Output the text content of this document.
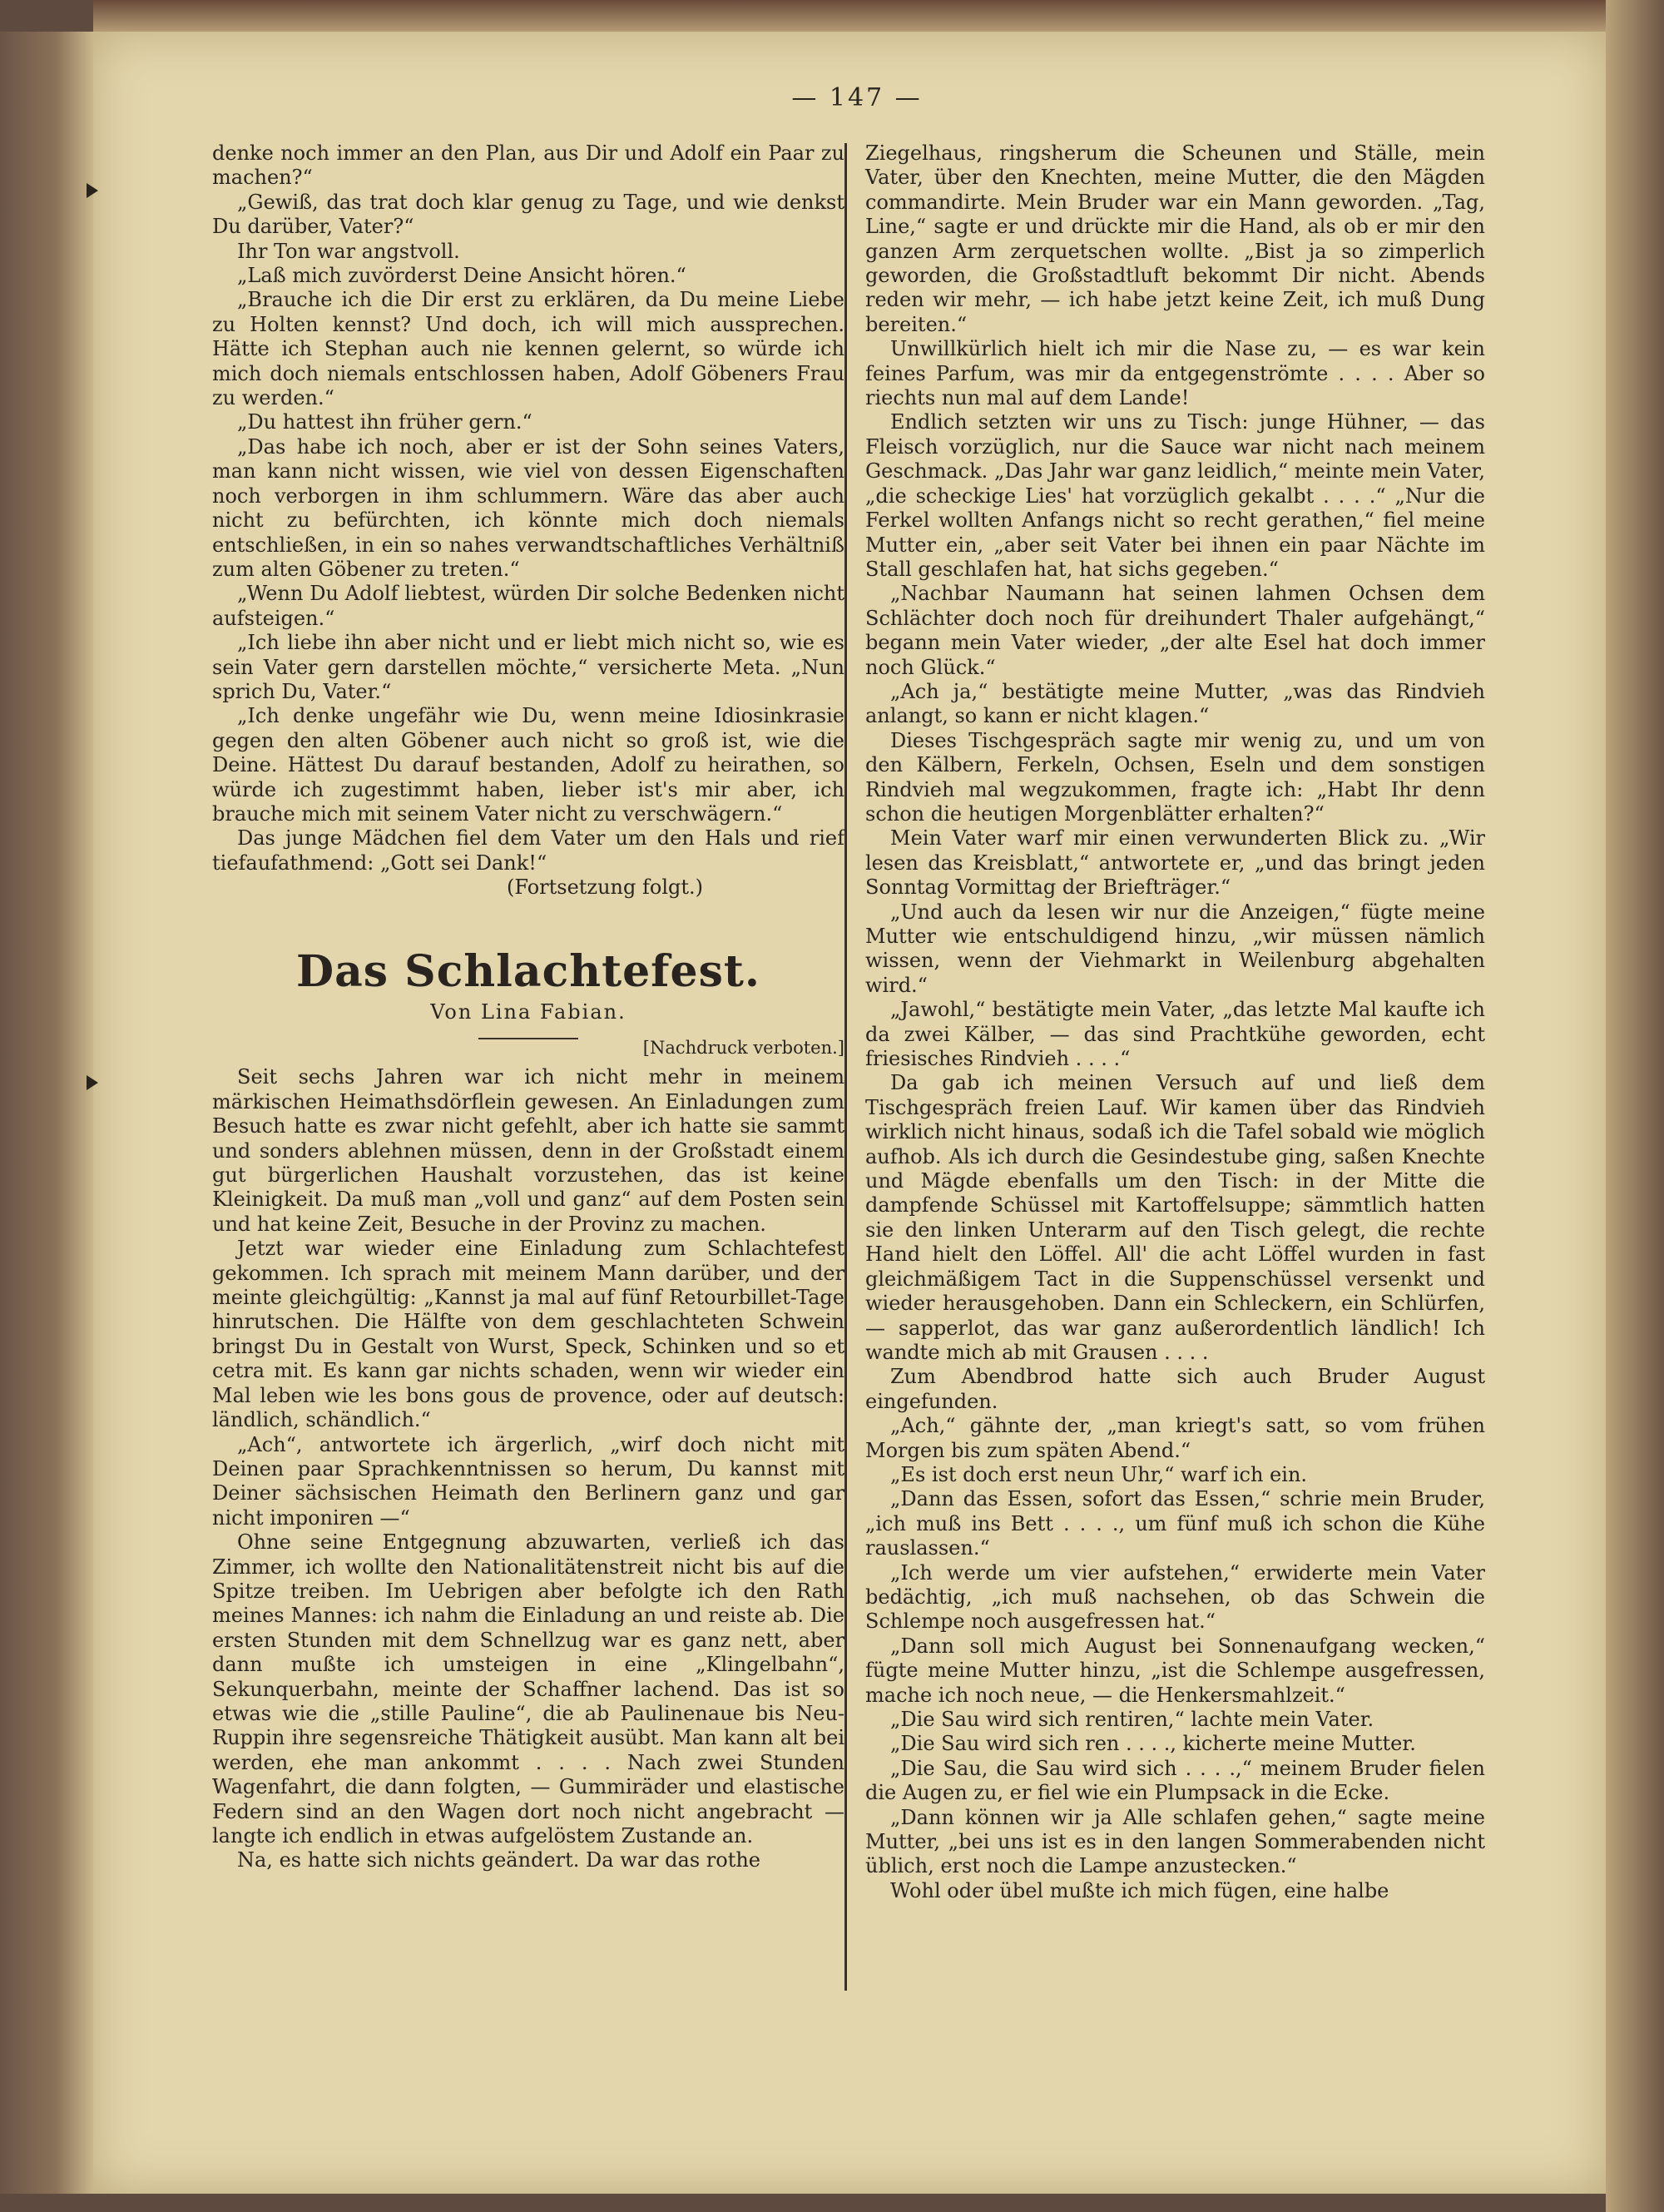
— 147 —

denke noch immer an den Plan, aus Dir und Adolf ein Paar zu machen?“

„Gewiß, das trat doch klar genug zu Tage, und wie denkst Du darüber, Vater?“

Ihr Ton war angstvoll.

„Laß mich zuvörderst Deine Ansicht hören.“

„Brauche ich die Dir erst zu erklären, da Du meine Liebe zu Holten kennst? Und doch, ich will mich aussprechen. Hätte ich Stephan auch nie kennen gelernt, so würde ich mich doch niemals entschlossen haben, Adolf Göbeners Frau zu werden.“

„Du hattest ihn früher gern.“

„Das habe ich noch, aber er ist der Sohn seines Vaters, man kann nicht wissen, wie viel von dessen Eigenschaften noch verborgen in ihm schlummern. Wäre das aber auch nicht zu befürchten, ich könnte mich doch niemals entschließen, in ein so nahes verwandtschaftliches Verhältniß zum alten Göbener zu treten.“

„Wenn Du Adolf liebtest, würden Dir solche Bedenken nicht aufsteigen.“

„Ich liebe ihn aber nicht und er liebt mich nicht so, wie es sein Vater gern darstellen möchte,“ versicherte Meta. „Nun sprich Du, Vater.“

„Ich denke ungefähr wie Du, wenn meine Idiosinkrasie gegen den alten Göbener auch nicht so groß ist, wie die Deine. Hättest Du darauf bestanden, Adolf zu heirathen, so würde ich zugestimmt haben, lieber ist's mir aber, ich brauche mich mit seinem Vater nicht zu verschwägern.“

Das junge Mädchen fiel dem Vater um den Hals und rief tiefaufathmend: „Gott sei Dank!“

(Fortsetzung folgt.)

Das Schlachtefest.
Von Lina Fabian.
[Nachdruck verboten.]

Seit sechs Jahren war ich nicht mehr in meinem märkischen Heimathsdörflein gewesen. An Einladungen zum Besuch hatte es zwar nicht gefehlt, aber ich hatte sie sammt und sonders ablehnen müssen, denn in der Großstadt einem gut bürgerlichen Haushalt vorzustehen, das ist keine Kleinigkeit. Da muß man „voll und ganz“ auf dem Posten sein und hat keine Zeit, Besuche in der Provinz zu machen.

Jetzt war wieder eine Einladung zum Schlachtefest gekommen. Ich sprach mit meinem Mann darüber, und der meinte gleichgültig: „Kannst ja mal auf fünf Retourbillet-Tage hinrutschen. Die Hälfte von dem geschlachteten Schwein bringst Du in Gestalt von Wurst, Speck, Schinken und so et cetra mit. Es kann gar nichts schaden, wenn wir wieder ein Mal leben wie les bons gous de provence, oder auf deutsch: ländlich, schändlich.“

„Ach“, antwortete ich ärgerlich, „wirf doch nicht mit Deinen paar Sprachkenntnissen so herum, Du kannst mit Deiner sächsischen Heimath den Berlinern ganz und gar nicht imponiren —“

Ohne seine Entgegnung abzuwarten, verließ ich das Zimmer, ich wollte den Nationalitätenstreit nicht bis auf die Spitze treiben. Im Uebrigen aber befolgte ich den Rath meines Mannes: ich nahm die Einladung an und reiste ab. Die ersten Stunden mit dem Schnellzug war es ganz nett, aber dann mußte ich umsteigen in eine „Klingelbahn“, Sekunquerbahn, meinte der Schaffner lachend. Das ist so etwas wie die „stille Pauline“, die ab Paulinenaue bis Neu-Ruppin ihre segensreiche Thätigkeit ausübt. Man kann alt bei werden, ehe man ankommt . . . . Nach zwei Stunden Wagenfahrt, die dann folgten, — Gummiräder und elastische Federn sind an den Wagen dort noch nicht angebracht — langte ich endlich in etwas aufgelöstem Zustande an.

Na, es hatte sich nichts geändert. Da war das rothe

Ziegelhaus, ringsherum die Scheunen und Ställe, mein Vater, über den Knechten, meine Mutter, die den Mägden commandirte. Mein Bruder war ein Mann geworden. „Tag, Line,“ sagte er und drückte mir die Hand, als ob er mir den ganzen Arm zerquetschen wollte. „Bist ja so zimperlich geworden, die Großstadtluft bekommt Dir nicht. Abends reden wir mehr, — ich habe jetzt keine Zeit, ich muß Dung bereiten.“

Unwillkürlich hielt ich mir die Nase zu, — es war kein feines Parfum, was mir da entgegenströmte . . . . Aber so riechts nun mal auf dem Lande!

Endlich setzten wir uns zu Tisch: junge Hühner, — das Fleisch vorzüglich, nur die Sauce war nicht nach meinem Geschmack. „Das Jahr war ganz leidlich,“ meinte mein Vater, „die scheckige Lies' hat vorzüglich gekalbt . . . .“ „Nur die Ferkel wollten Anfangs nicht so recht gerathen,“ fiel meine Mutter ein, „aber seit Vater bei ihnen ein paar Nächte im Stall geschlafen hat, hat sichs gegeben.“

„Nachbar Naumann hat seinen lahmen Ochsen dem Schlächter doch noch für dreihundert Thaler aufgehängt,“ begann mein Vater wieder, „der alte Esel hat doch immer noch Glück.“

„Ach ja,“ bestätigte meine Mutter, „was das Rindvieh anlangt, so kann er nicht klagen.“

Dieses Tischgespräch sagte mir wenig zu, und um von den Kälbern, Ferkeln, Ochsen, Eseln und dem sonstigen Rindvieh mal wegzukommen, fragte ich: „Habt Ihr denn schon die heutigen Morgenblätter erhalten?“

Mein Vater warf mir einen verwunderten Blick zu. „Wir lesen das Kreisblatt,“ antwortete er, „und das bringt jeden Sonntag Vormittag der Briefträger.“

„Und auch da lesen wir nur die Anzeigen,“ fügte meine Mutter wie entschuldigend hinzu, „wir müssen nämlich wissen, wenn der Viehmarkt in Weilenburg abgehalten wird.“

„Jawohl,“ bestätigte mein Vater, „das letzte Mal kaufte ich da zwei Kälber, — das sind Prachtkühe geworden, echt friesisches Rindvieh . . . .“

Da gab ich meinen Versuch auf und ließ dem Tischgespräch freien Lauf. Wir kamen über das Rindvieh wirklich nicht hinaus, sodaß ich die Tafel sobald wie möglich aufhob. Als ich durch die Gesindestube ging, saßen Knechte und Mägde ebenfalls um den Tisch: in der Mitte die dampfende Schüssel mit Kartoffelsuppe; sämmtlich hatten sie den linken Unterarm auf den Tisch gelegt, die rechte Hand hielt den Löffel. All' die acht Löffel wurden in fast gleichmäßigem Tact in die Suppenschüssel versenkt und wieder herausgehoben. Dann ein Schleckern, ein Schlürfen, — sapperlot, das war ganz außerordentlich ländlich! Ich wandte mich ab mit Grausen . . . .

Zum Abendbrod hatte sich auch Bruder August eingefunden.

„Ach,“ gähnte der, „man kriegt's satt, so vom frühen Morgen bis zum späten Abend.“

„Es ist doch erst neun Uhr,“ warf ich ein.

„Dann das Essen, sofort das Essen,“ schrie mein Bruder, „ich muß ins Bett . . . ., um fünf muß ich schon die Kühe rauslassen.“

„Ich werde um vier aufstehen,“ erwiderte mein Vater bedächtig, „ich muß nachsehen, ob das Schwein die Schlempe noch ausgefressen hat.“

„Dann soll mich August bei Sonnenaufgang wecken,“ fügte meine Mutter hinzu, „ist die Schlempe ausgefressen, mache ich noch neue, — die Henkersmahlzeit.“

„Die Sau wird sich rentiren,“ lachte mein Vater.

„Die Sau wird sich ren . . . ., kicherte meine Mutter.

„Die Sau, die Sau wird sich . . . .,“ meinem Bruder fielen die Augen zu, er fiel wie ein Plumpsack in die Ecke.

„Dann können wir ja Alle schlafen gehen,“ sagte meine Mutter, „bei uns ist es in den langen Sommerabenden nicht üblich, erst noch die Lampe anzustecken.“

Wohl oder übel mußte ich mich fügen, eine halbe
